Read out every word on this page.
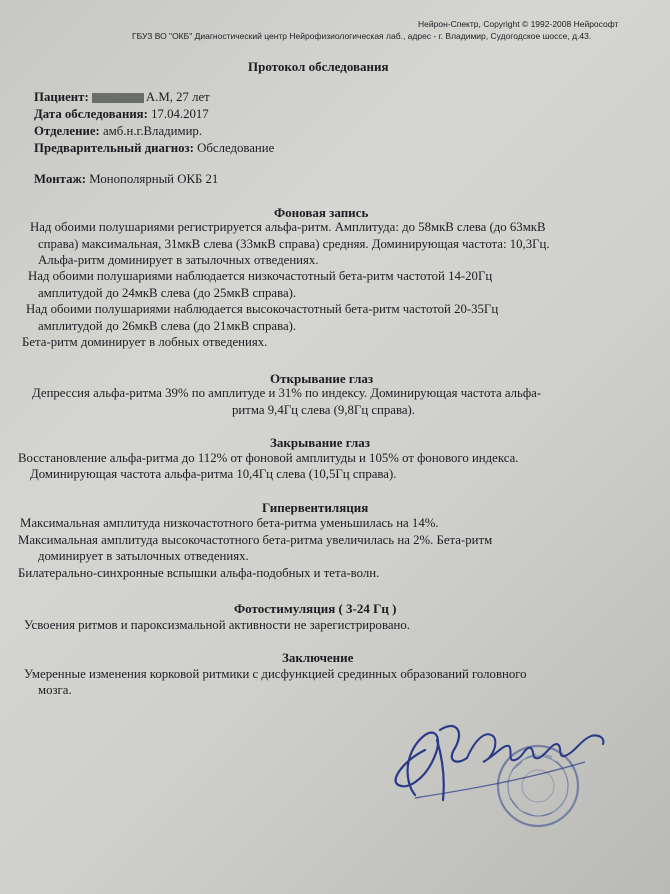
Нейрон-Спектр, Copyright © 1992-2008 Нейрософт
ГБУЗ ВО "ОКБ" Диагностический центр Нейрофизиологическая лаб., адрес - г. Владимир, Судогодское шоссе, д.43.
Протокол обследования
Пациент:	А.М, 27 лет
Дата обследования: 17.04.2017
Отделение: амб.н.г.Владимир.
Предварительный диагноз: Обследование
Монтаж: Монополярный ОКБ 21
Фоновая запись
Над обоими полушариями регистрируется альфа-ритм. Амплитуда: до 58мкВ слева (до 63мкВ
справа) максимальная, 31мкВ слева (33мкВ справа) средняя. Доминирующая частота: 10,3Гц.
Альфа-ритм доминирует в затылочных отведениях.
Над обоими полушариями наблюдается низкочастотный бета-ритм частотой 14-20Гц
амплитудой до 24мкВ слева (до 25мкВ справа).
Над обоими полушариями наблюдается высокочастотный бета-ритм частотой 20-35Гц
амплитудой до 26мкВ слева (до 21мкВ справа).
Бета-ритм доминирует в лобных отведениях.
Открывание глаз
Депрессия альфа-ритма 39% по амплитуде и 31% по индексу. Доминирующая частота альфа-
ритма 9,4Гц слева (9,8Гц справа).
Закрывание глаз
Восстановление альфа-ритма до 112% от фоновой амплитуды и 105% от фонового индекса.
Доминирующая частота альфа-ритма 10,4Гц слева (10,5Гц справа).
Гипервентиляция
Максимальная амплитуда низкочастотного бета-ритма уменьшилась на 14%.
Максимальная амплитуда высокочастотного бета-ритма увеличилась на 2%. Бета-ритм
доминирует в затылочных отведениях.
Билатерально-синхронные вспышки альфа-подобных и тета-волн.
Фотостимуляция ( 3-24 Гц )
Усвоения ритмов и пароксизмальной активности не зарегистрировано.
Заключение
Умеренные изменения корковой ритмики с дисфункцией срединных образований головного
мозга.
